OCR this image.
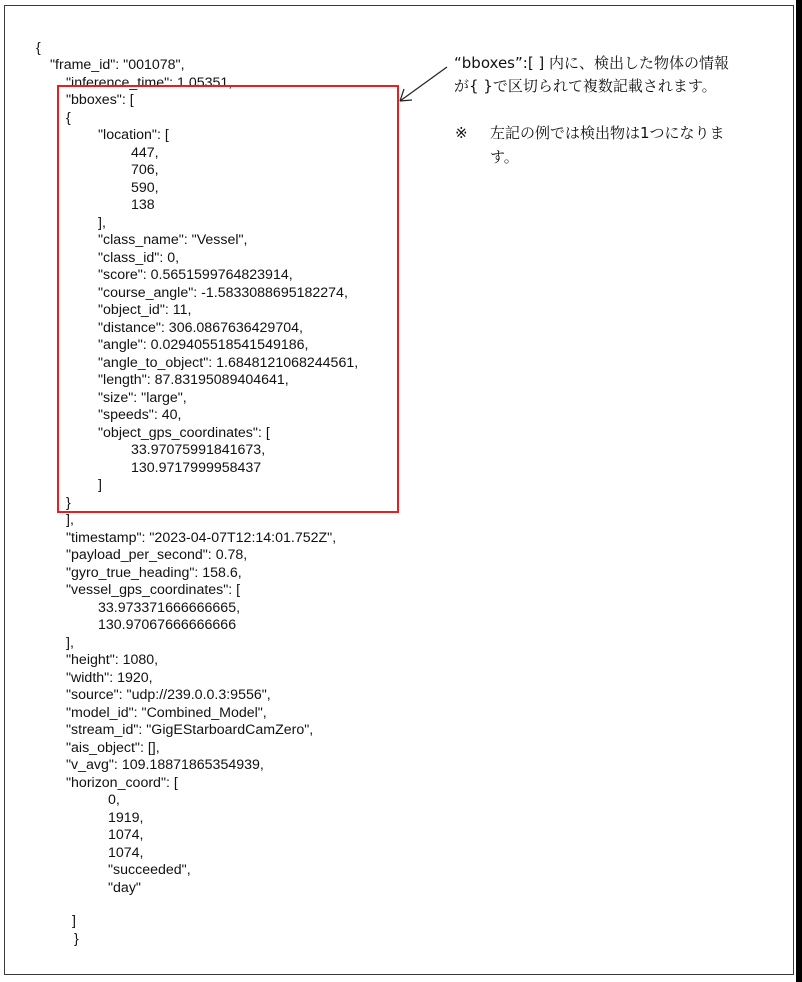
{
"frame_id": "001078",
"inference_time": 1.05351,
"bboxes": [
{
"location": [
447,
706,
590,
138
],
"class_name": "Vessel",
"class_id": 0,
"score": 0.5651599764823914,
"course_angle": -1.5833088695182274,
"object_id": 11,
"distance": 306.0867636429704,
"angle": 0.029405518541549186,
"angle_to_object": 1.6848121068244561,
"length": 87.83195089404641,
"size": "large",
"speeds": 40,
"object_gps_coordinates": [
33.97075991841673,
130.9717999958437
]
}
],
"timestamp": "2023-04-07T12:14:01.752Z",
"payload_per_second": 0.78,
"gyro_true_heading": 158.6,
"vessel_gps_coordinates": [
33.973371666666665,
130.97067666666666
],
"height": 1080,
"width": 1920,
"source": "udp://239.0.0.3:9556",
"model_id": "Combined_Model",
"stream_id": "GigEStarboardCamZero",
"ais_object": [],
"v_avg": 109.18871865354939,
"horizon_coord": [
0,
1919,
1074,
1074,
"succeeded",
"day"
]
}
“bboxes”:[ ] 内に、検出した物体の情報
が{ }で区切られて複数記載されます。
※ 左記の例では検出物は1つになりま
す。
